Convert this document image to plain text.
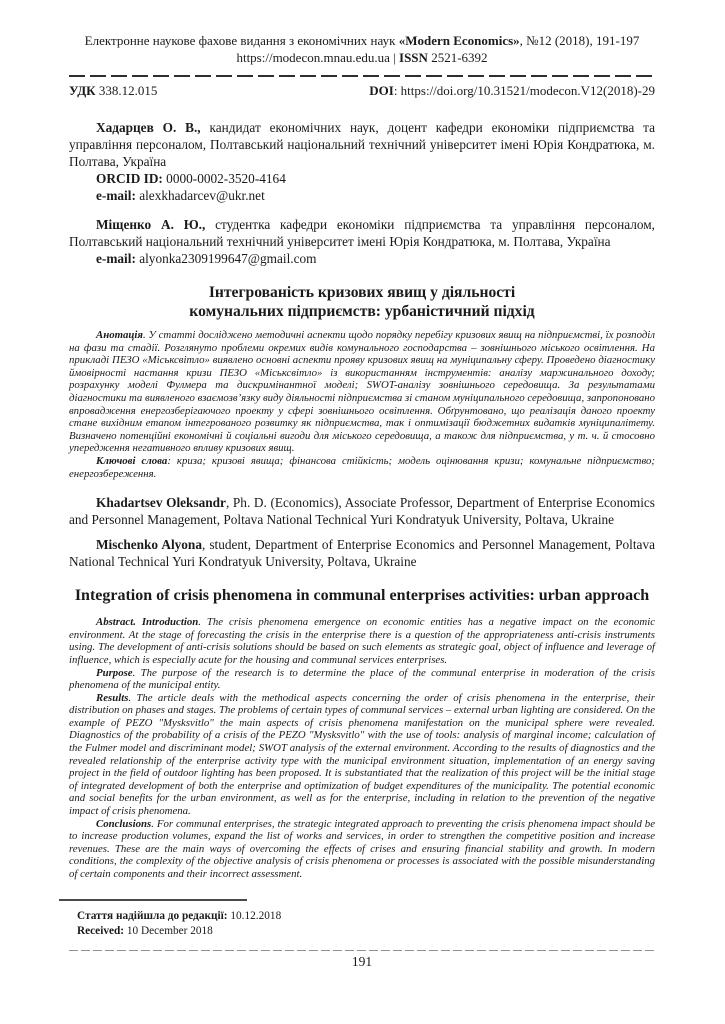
Електронне наукове фахове видання з економічних наук «Modern Economics», №12 (2018), 191-197

https://modecon.mnau.edu.ua | ISSN 2521-6392

УДК 338.12.015	DOI: https://doi.org/10.31521/modecon.V12(2018)-29

Хадарцев О. В., кандидат економічних наук, доцент кафедри економіки підприємства та управління персоналом, Полтавський національний технічний університет імені Юрія Кондратюка, м. Полтава, Україна

ORCID ID: 0000-0002-3520-4164

e-mail: alexkhadarcev@ukr.net

Міщенко А. Ю., студентка кафедри економіки підприємства та управління персоналом, Полтавський національний технічний університет імені Юрія Кондратюка, м. Полтава, Україна

e-mail: alyonka2309199647@gmail.com

Інтегрованість кризових явищ у діяльності
комунальних підприємств: урбаністичний підхід

Анотація. У статті досліджено методичні аспекти щодо порядку перебігу кризових явищ на підприємстві, їх розподіл на фази та стадії. Розглянуто проблеми окремих видів комунального господарства – зовнішнього міського освітлення. На прикладі ПЕЗО «Міськсвітло» виявлено основні аспекти прояву кризових явищ на муніципальну сферу. Проведено діагностику ймовірності настання кризи ПЕЗО «Міськсвітло» із використанням інструментів: аналізу маржинального доходу; розрахунку моделі Фулмера та дискримінантної моделі; SWOT-аналізу зовнішнього середовища. За результатами діагностики та виявленого взаємозв’язку виду діяльності підприємства зі станом муніципального середовища, запропоновано впровадження енергозберігаючого проекту у сфері зовнішнього освітлення. Обґрунтовано, що реалізація даного проекту стане вихідним етапом інтегрованого розвитку як підприємства, так і оптимізації бюджетних видатків муніципалітету. Визначено потенційні економічні й соціальні вигоди для міського середовища, а також для підприємства, у т. ч. й стосовно упередження негативного впливу кризових явищ.

Ключові слова: криза; кризові явища; фінансова стійкість; модель оцінювання кризи; комунальне підприємство; енергозбереження.

Khadartsev Oleksandr, Ph. D. (Economics), Associate Professor, Department of Enterprise Economics and Personnel Management, Poltava National Technical Yuri Kondratyuk University, Poltava, Ukraine

Mischenko Alyona, student, Department of Enterprise Economics and Personnel Management, Poltava National Technical Yuri Kondratyuk University, Poltava, Ukraine

Integration of crisis phenomena in communal enterprises activities: urban approach

Abstract. Introduction. The crisis phenomena emergence on economic entities has a negative impact on the economic environment. At the stage of forecasting the crisis in the enterprise there is a question of the appropriateness anti-crisis instruments using. The development of anti-crisis solutions should be based on such elements as strategic goal, object of influence and leverage of influence, which is especially acute for the housing and communal services enterprises.

Purpose. The purpose of the research is to determine the place of the communal enterprise in moderation of the crisis phenomena of the municipal entity.

Results. The article deals with the methodical aspects concerning the order of crisis phenomena in the enterprise, their distribution on phases and stages. The problems of certain types of communal services – external urban lighting are considered. On the example of PEZO "Mysksvitlo" the main aspects of crisis phenomena manifestation on the municipal sphere were revealed. Diagnostics of the probability of a crisis of the PEZO "Mysksvitlo" with the use of tools: analysis of marginal income; calculation of the Fulmer model and discriminant model; SWOT analysis of the external environment. According to the results of diagnostics and the revealed relationship of the enterprise activity type with the municipal environment situation, implementation of an energy saving project in the field of outdoor lighting has been proposed. It is substantiated that the realization of this project will be the initial stage of integrated development of both the enterprise and optimization of budget expenditures of the municipality. The potential economic and social benefits for the urban environment, as well as for the enterprise, including in relation to the prevention of the negative impact of crisis phenomena.

Conclusions. For communal enterprises, the strategic integrated approach to preventing the crisis phenomena impact should be to increase production volumes, expand the list of works and services, in order to strengthen the competitive position and increase revenues. These are the main ways of overcoming the effects of crises and ensuring financial stability and growth. In modern conditions, the complexity of the objective analysis of crisis phenomena or processes is associated with the possible misunderstanding of certain components and their incorrect assessment.

Стаття надійшла до редакції: 10.12.2018

Received: 10 December 2018

191
